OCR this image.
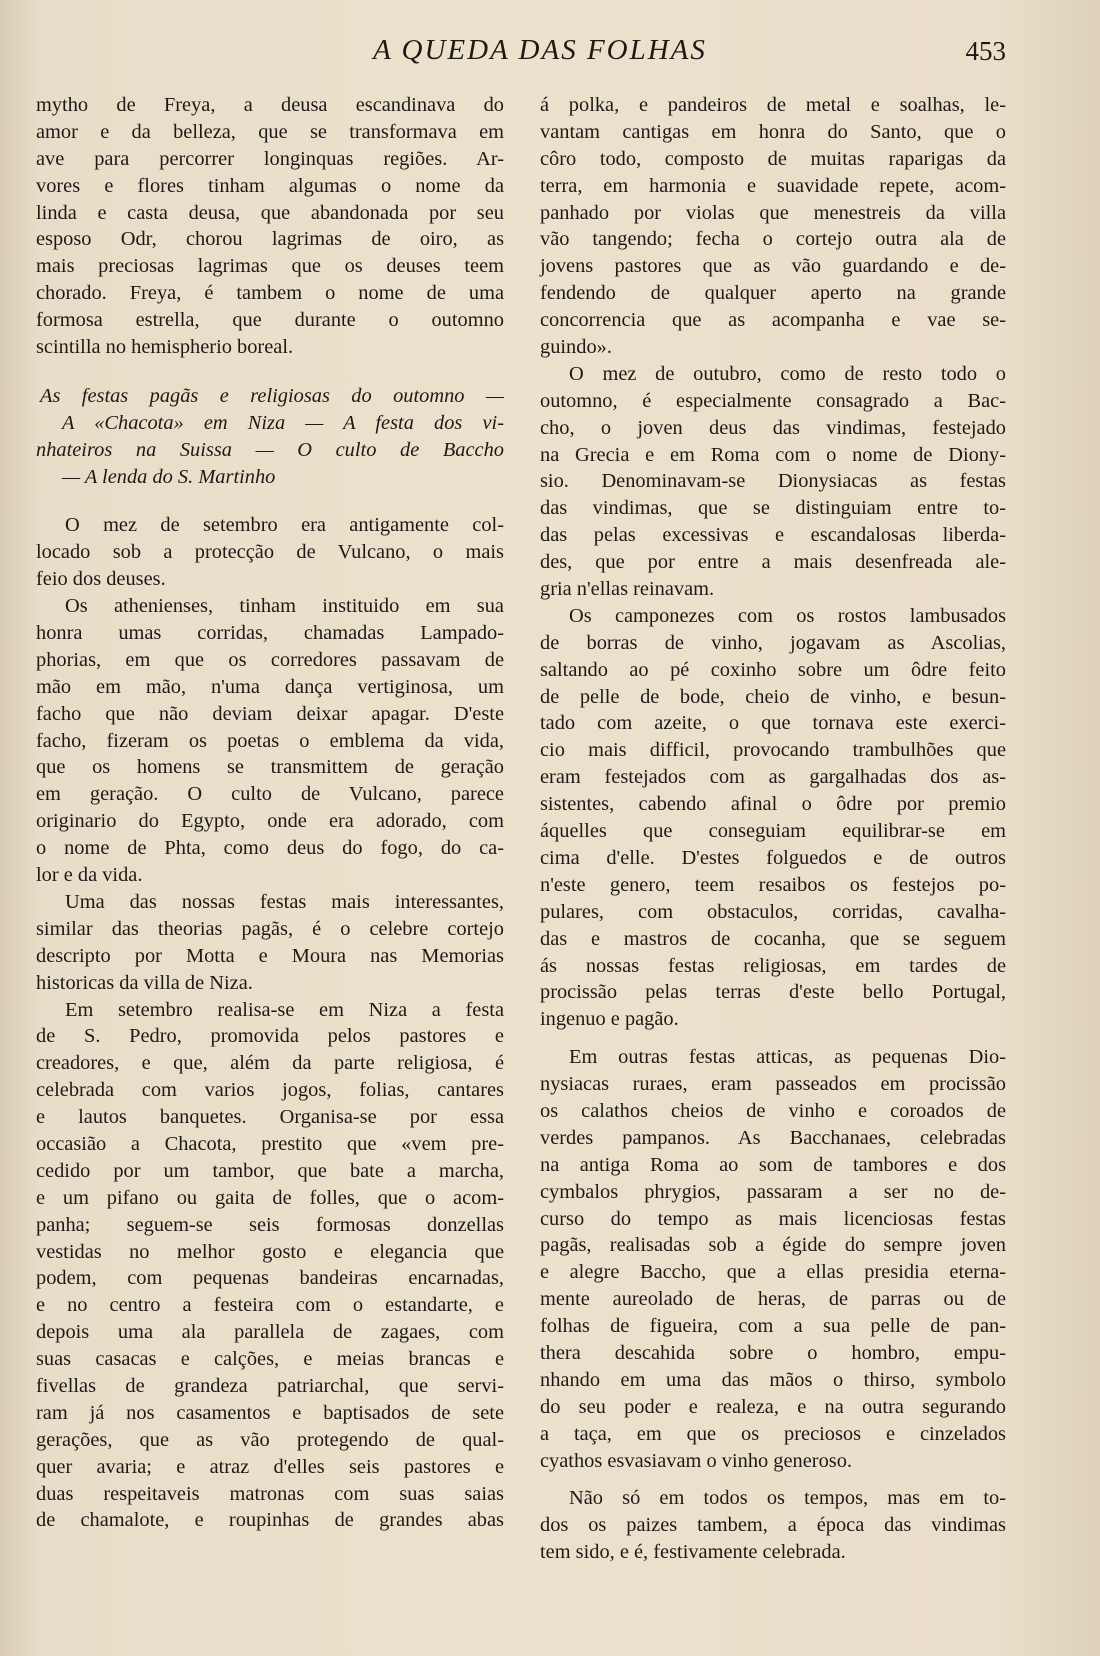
A QUEDA DAS FOLHAS	453
mytho de Freya, a deusa escandinava do
amor e da belleza, que se transformava em
ave para percorrer longinquas regiões. Ar-
vores e flores tinham algumas o nome da
linda e casta deusa, que abandonada por seu
esposo Odr, chorou lagrimas de oiro, as
mais preciosas lagrimas que os deuses teem
chorado. Freya, é tambem o nome de uma
formosa estrella, que durante o outomno
scintilla no hemispherio boreal.
As festas pagãs e religiosas do outomno —
A «Chacota» em Niza — A festa dos vi-
nhateiros na Suissa — O culto de Baccho
— A lenda do S. Martinho
O mez de setembro era antigamente col-
locado sob a protecção de Vulcano, o mais
feio dos deuses.
Os athenienses, tinham instituido em sua
honra umas corridas, chamadas Lampado-
phorias, em que os corredores passavam de
mão em mão, n'uma dança vertiginosa, um
facho que não deviam deixar apagar. D'este
facho, fizeram os poetas o emblema da vida,
que os homens se transmittem de geração
em geração. O culto de Vulcano, parece
originario do Egypto, onde era adorado, com
o nome de Phta, como deus do fogo, do ca-
lor e da vida.
Uma das nossas festas mais interessantes,
similar das theorias pagãs, é o celebre cortejo
descripto por Motta e Moura nas Memorias
historicas da villa de Niza.
Em setembro realisa-se em Niza a festa
de S. Pedro, promovida pelos pastores e
creadores, e que, além da parte religiosa, é
celebrada com varios jogos, folias, cantares
e lautos banquetes. Organisa-se por essa
occasião a Chacota, prestito que «vem pre-
cedido por um tambor, que bate a marcha,
e um pifano ou gaita de folles, que o acom-
panha; seguem-se seis formosas donzellas
vestidas no melhor gosto e elegancia que
podem, com pequenas bandeiras encarnadas,
e no centro a festeira com o estandarte, e
depois uma ala parallela de zagaes, com
suas casacas e calções, e meias brancas e
fivellas de grandeza patriarchal, que servi-
ram já nos casamentos e baptisados de sete
gerações, que as vão protegendo de qual-
quer avaria; e atraz d'elles seis pastores e
duas respeitaveis matronas com suas saias
de chamalote, e roupinhas de grandes abas
á polka, e pandeiros de metal e soalhas, le-
vantam cantigas em honra do Santo, que o
côro todo, composto de muitas raparigas da
terra, em harmonia e suavidade repete, acom-
panhado por violas que menestreis da villa
vão tangendo; fecha o cortejo outra ala de
jovens pastores que as vão guardando e de-
fendendo de qualquer aperto na grande
concorrencia que as acompanha e vae se-
guindo».
O mez de outubro, como de resto todo o
outomno, é especialmente consagrado a Bac-
cho, o joven deus das vindimas, festejado
na Grecia e em Roma com o nome de Diony-
sio. Denominavam-se Dionysiacas as festas
das vindimas, que se distinguiam entre to-
das pelas excessivas e escandalosas liberda-
des, que por entre a mais desenfreada ale-
gria n'ellas reinavam.
Os camponezes com os rostos lambusados
de borras de vinho, jogavam as Ascolias,
saltando ao pé coxinho sobre um ôdre feito
de pelle de bode, cheio de vinho, e besun-
tado com azeite, o que tornava este exerci-
cio mais difficil, provocando trambulhões que
eram festejados com as gargalhadas dos as-
sistentes, cabendo afinal o ôdre por premio
áquelles que conseguiam equilibrar-se em
cima d'elle. D'estes folguedos e de outros
n'este genero, teem resaibos os festejos po-
pulares, com obstaculos, corridas, cavalha-
das e mastros de cocanha, que se seguem
ás nossas festas religiosas, em tardes de
procissão pelas terras d'este bello Portugal,
ingenuo e pagão.
Em outras festas atticas, as pequenas Dio-
nysiacas ruraes, eram passeados em procissão
os calathos cheios de vinho e coroados de
verdes pampanos. As Bacchanaes, celebradas
na antiga Roma ao som de tambores e dos
cymbalos phrygios, passaram a ser no de-
curso do tempo as mais licenciosas festas
pagãs, realisadas sob a égide do sempre joven
e alegre Baccho, que a ellas presidia eterna-
mente aureolado de heras, de parras ou de
folhas de figueira, com a sua pelle de pan-
thera descahida sobre o hombro, empu-
nhando em uma das mãos o thirso, symbolo
do seu poder e realeza, e na outra segurando
a taça, em que os preciosos e cinzelados
cyathos esvasiavam o vinho generoso.
Não só em todos os tempos, mas em to-
dos os paizes tambem, a época das vindimas
tem sido, e é, festivamente celebrada.
